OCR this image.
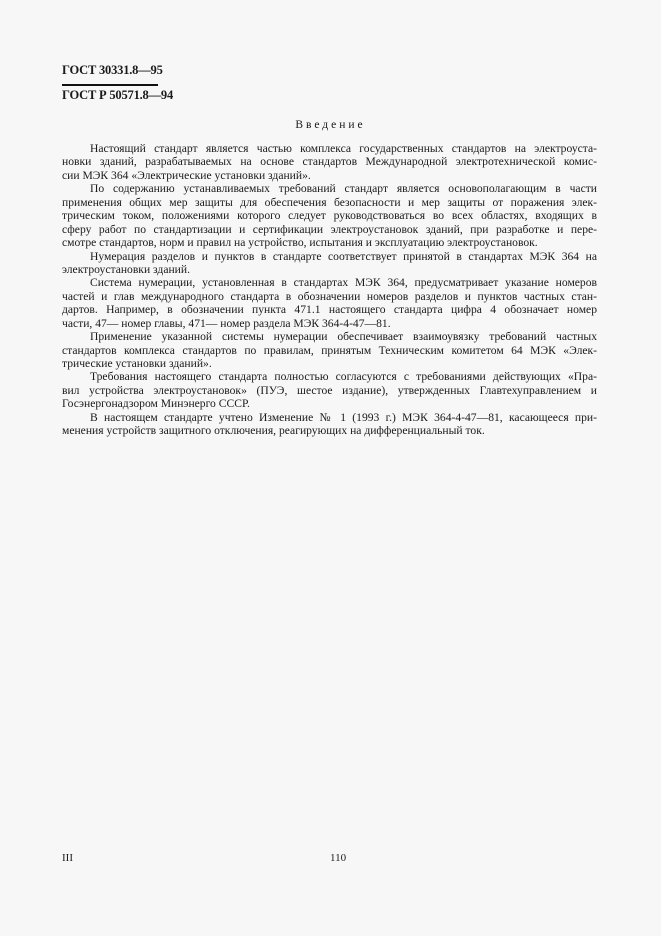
ГОСТ 30331.8—95
ГОСТ Р 50571.8—94
Введение
Настоящий стандарт является частью комплекса государственных стандартов на электроуста-
новки зданий, разрабатываемых на основе стандартов Международной электротехнической комис-
сии МЭК 364 «Электрические установки зданий».
По содержанию устанавливаемых требований стандарт является основополагающим в части
применения общих мер защиты для обеспечения безопасности и мер защиты от поражения элек-
трическим током, положениями которого следует руководствоваться во всех областях, входящих в
сферу работ по стандартизации и сертификации электроустановок зданий, при разработке и пере-
смотре стандартов, норм и правил на устройство, испытания и эксплуатацию электроустановок.
Нумерация разделов и пунктов в стандарте соответствует принятой в стандартах МЭК 364 на
электроустановки зданий.
Система нумерации, установленная в стандартах МЭК 364, предусматривает указание номеров
частей и глав международного стандарта в обозначении номеров разделов и пунктов частных стан-
дартов. Например, в обозначении пункта 471.1 настоящего стандарта цифра 4 обозначает номер
части, 47— номер главы, 471— номер раздела МЭК 364-4-47—81.
Применение указанной системы нумерации обеспечивает взаимоувязку требований частных
стандартов комплекса стандартов по правилам, принятым Техническим комитетом 64 МЭК «Элек-
трические установки зданий».
Требования настоящего стандарта полностью согласуются с требованиями действующих «Пра-
вил устройства электроустановок» (ПУЭ, шестое издание), утвержденных Главтехуправлением и
Госэнергонадзором Минэнерго СССР.
В настоящем стандарте учтено Изменение № 1 (1993 г.) МЭК 364-4-47—81, касающееся при-
менения устройств защитного отключения, реагирующих на дифференциальный ток.
III	110
